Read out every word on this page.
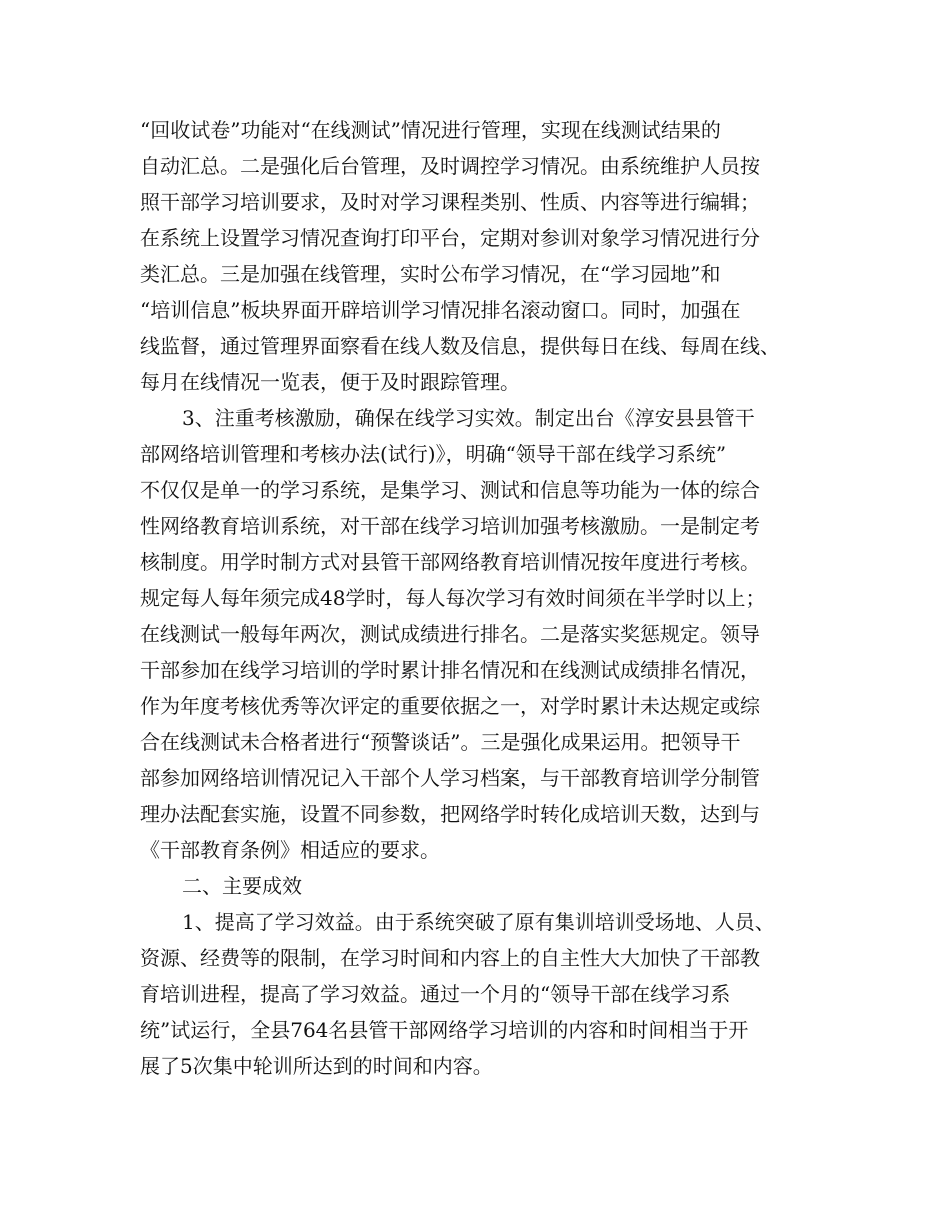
“回收试卷”功能对“在线测试”情况进行管理，实现在线测试结果的
自动汇总。二是强化后台管理，及时调控学习情况。由系统维护人员按
照干部学习培训要求，及时对学习课程类别、性质、内容等进行编辑；
在系统上设置学习情况查询打印平台，定期对参训对象学习情况进行分
类汇总。三是加强在线管理，实时公布学习情况，在“学习园地”和
“培训信息”板块界面开辟培训学习情况排名滚动窗口。同时，加强在
线监督，通过管理界面察看在线人数及信息，提供每日在线、每周在线、
每月在线情况一览表，便于及时跟踪管理。
3、注重考核激励，确保在线学习实效。制定出台《淳安县县管干
部网络培训管理和考核办法(试行)》，明确“领导干部在线学习系统”
不仅仅是单一的学习系统，是集学习、测试和信息等功能为一体的综合
性网络教育培训系统，对干部在线学习培训加强考核激励。一是制定考
核制度。用学时制方式对县管干部网络教育培训情况按年度进行考核。
规定每人每年须完成48学时，每人每次学习有效时间须在半学时以上；
在线测试一般每年两次，测试成绩进行排名。二是落实奖惩规定。领导
干部参加在线学习培训的学时累计排名情况和在线测试成绩排名情况，
作为年度考核优秀等次评定的重要依据之一，对学时累计未达规定或综
合在线测试未合格者进行“预警谈话”。三是强化成果运用。把领导干
部参加网络培训情况记入干部个人学习档案，与干部教育培训学分制管
理办法配套实施，设置不同参数，把网络学时转化成培训天数，达到与
《干部教育条例》相适应的要求。
二、主要成效
1、提高了学习效益。由于系统突破了原有集训培训受场地、人员、
资源、经费等的限制，在学习时间和内容上的自主性大大加快了干部教
育培训进程，提高了学习效益。通过一个月的“领导干部在线学习系
统”试运行，全县764名县管干部网络学习培训的内容和时间相当于开
展了5次集中轮训所达到的时间和内容。
